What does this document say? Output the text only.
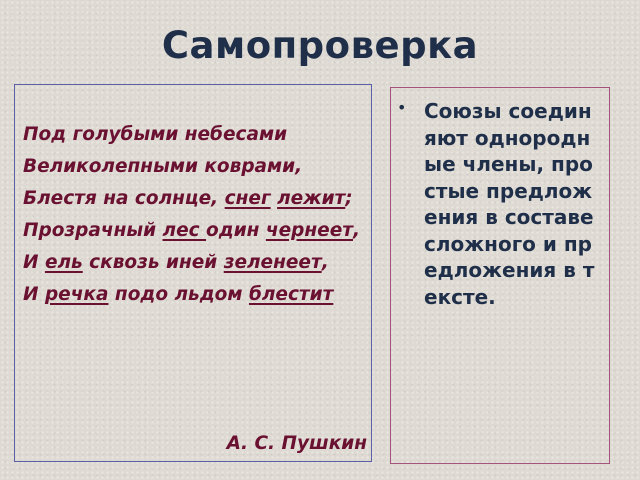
Самопроверка
Под голубыми небесами
Великолепными коврами,
Блестя на солнце, снег лежит;
Прозрачный лес один чернеет,
И ель сквозь иней зеленеет,
И речка подо льдом блестит
А. С. Пушкин
• Союзы соединяют однородные члены, простые предложения в составе сложного и предложения в тексте.
